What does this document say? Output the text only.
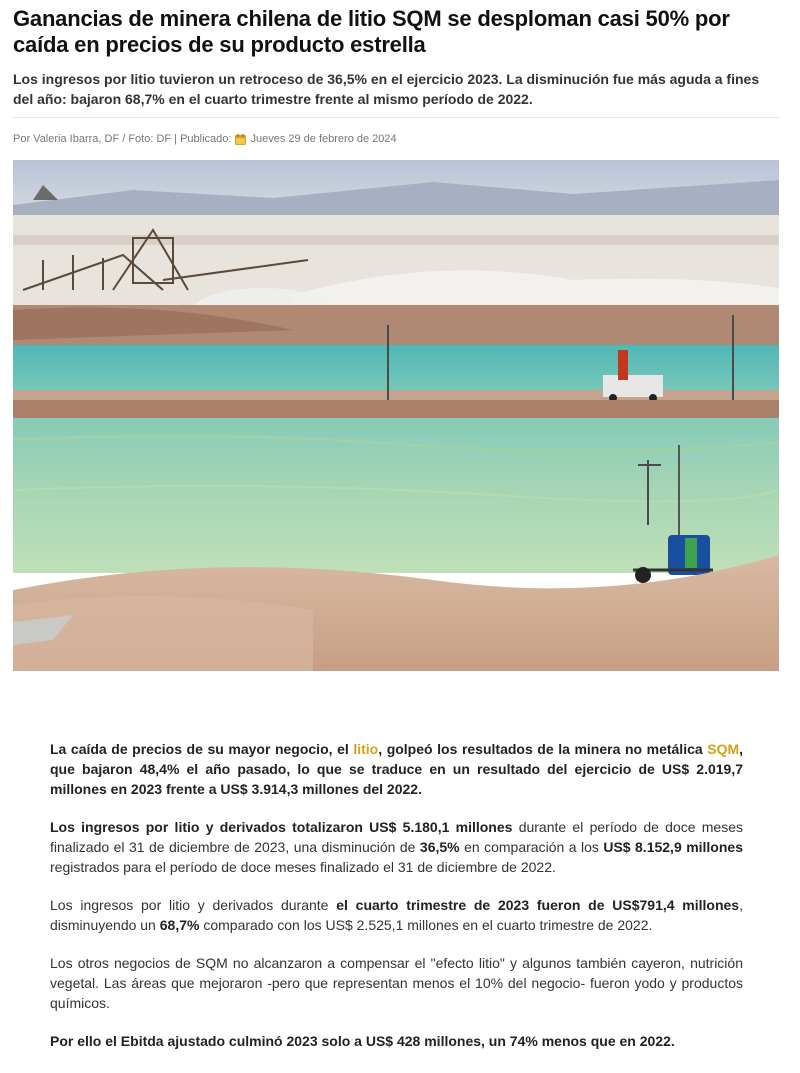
Ganancias de minera chilena de litio SQM se desploman casi 50% por caída en precios de su producto estrella

Los ingresos por litio tuvieron un retroceso de 36,5% en el ejercicio 2023. La disminución fue más aguda a fines del año: bajaron 68,7% en el cuarto trimestre frente al mismo período de 2022.

Por Valeria Ibarra, DF / Foto: DF | Publicado: Jueves 29 de febrero de 2024

La caída de precios de su mayor negocio, el litio, golpeó los resultados de la minera no metálica SQM, que bajaron 48,4% el año pasado, lo que se traduce en un resultado del ejercicio de US$ 2.019,7 millones en 2023 frente a US$ 3.914,3 millones del 2022.

Los ingresos por litio y derivados totalizaron US$ 5.180,1 millones durante el período de doce meses finalizado el 31 de diciembre de 2023, una disminución de 36,5% en comparación a los US$ 8.152,9 millones registrados para el período de doce meses finalizado el 31 de diciembre de 2022.

Los ingresos por litio y derivados durante el cuarto trimestre de 2023 fueron de US$791,4 millones, disminuyendo un 68,7% comparado con los US$ 2.525,1 millones en el cuarto trimestre de 2022.

Los otros negocios de SQM no alcanzaron a compensar el "efecto litio" y algunos también cayeron, nutrición vegetal. Las áreas que mejoraron -pero que representan menos el 10% del negocio- fueron yodo y productos químicos.

Por ello el Ebitda ajustado culminó 2023 solo a US$ 428 millones, un 74% menos que en 2022.
